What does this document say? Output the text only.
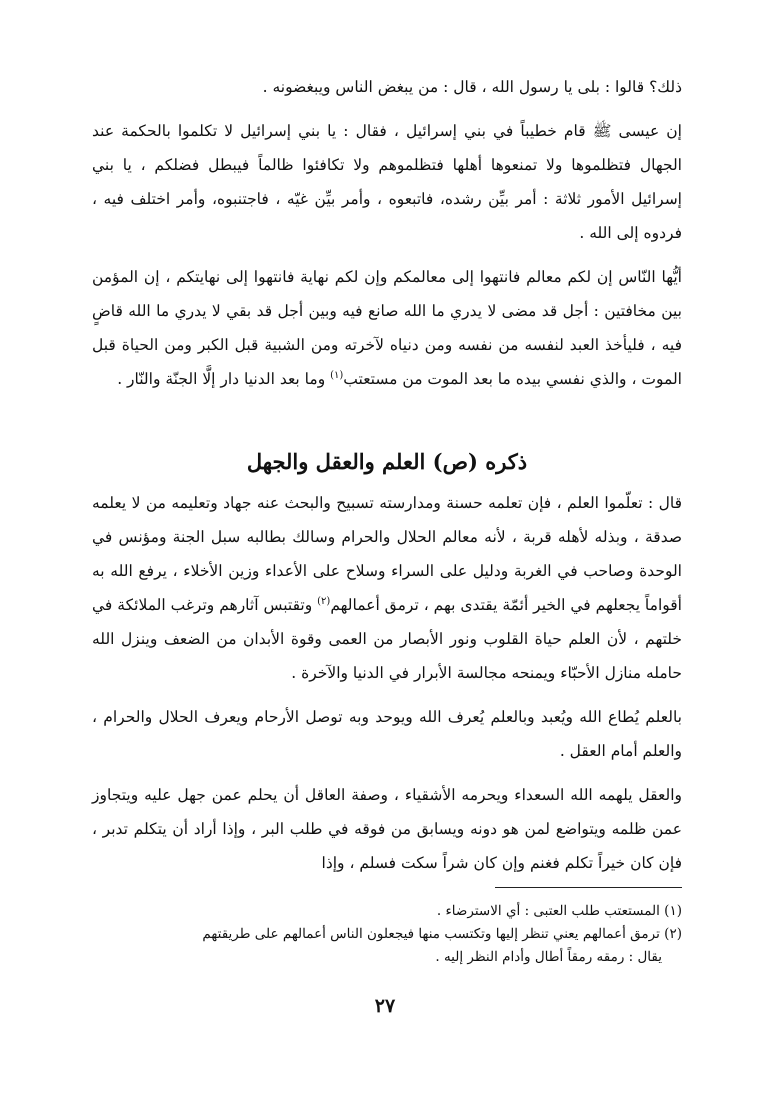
ذلك؟ قالوا : بلى يا رسول الله ، قال : من يبغض الناس ويبغضونه .

إن عيسى ﷺ قام خطيباً في بني إسرائيل ، فقال : يا بني إسرائيل لا تكلموا بالحكمة عند الجهال فتظلموها ولا تمنعوها أهلها فتظلموهم ولا تكافئوا ظالماً فيبطل فضلكم ، يا بني إسرائيل الأمور ثلاثة : أمر بيِّن رشده، فاتبعوه ، وأمر بيِّن غيّه ، فاجتنبوه، وأمر اختلف فيه ، فردوه إلى الله .

أيُّها النّاس إن لكم معالم فانتهوا إلى معالمكم وإن لكم نهاية فانتهوا إلى نهايتكم ، إن المؤمن بين مخافتين : أجل قد مضى لا يدري ما الله صانع فيه وبين أجل قد بقي لا يدري ما الله قاضٍ فيه ، فليأخذ العبد لنفسه من نفسه ومن دنياه لآخرته ومن الشبية قبل الكبر ومن الحياة قبل الموت ، والذي نفسي بيده ما بعد الموت من مستعتب$^{(١)}$ وما بعد الدنيا دار إلَّا الجنّة والنّار .

ذكره (ص) العلم والعقل والجهل

قال : تعلّموا العلم ، فإن تعلمه حسنة ومدارسته تسبيح والبحث عنه جهاد وتعليمه من لا يعلمه صدقة ، وبذله لأهله قربة ، لأنه معالم الحلال والحرام وسالك بطالبه سبل الجنة ومؤنس في الوحدة وصاحب في الغربة ودليل على السراء وسلاح على الأعداء وزين الأخلاء ، يرفع الله به أقواماً يجعلهم في الخير أئمّة يقتدى بهم ، ترمق أعمالهم$^{(٢)}$ وتقتبس آثارهم وترغب الملائكة في خلتهم ، لأن العلم حياة القلوب ونور الأبصار من العمى وقوة الأبدان من الضعف وينزل الله حامله منازل الأحبّاء ويمنحه مجالسة الأبرار في الدنيا والآخرة .

بالعلم يُطاع الله ويُعبد وبالعلم يُعرف الله ويوحد وبه توصل الأرحام ويعرف الحلال والحرام ، والعلم أمام العقل .

والعقل يلهمه الله السعداء ويحرمه الأشقياء ، وصفة العاقل أن يحلم عمن جهل عليه ويتجاوز عمن ظلمه ويتواضع لمن هو دونه ويسابق من فوقه في طلب البر ، وإذا أراد أن يتكلم تدبر ، فإن كان خيراً تكلم فغنم وإن كان شراً سكت فسلم ، وإذا

(١) المستعتب طلب العتبى : أي الاسترضاء .

(٢) ترمق أعمالهم يعني تنظر إليها وتكتسب منها فيجعلون الناس أعمالهم على طريقتهم

يقال : رمقه رمقاً أطال وأدام النظر إليه .

٢٧
